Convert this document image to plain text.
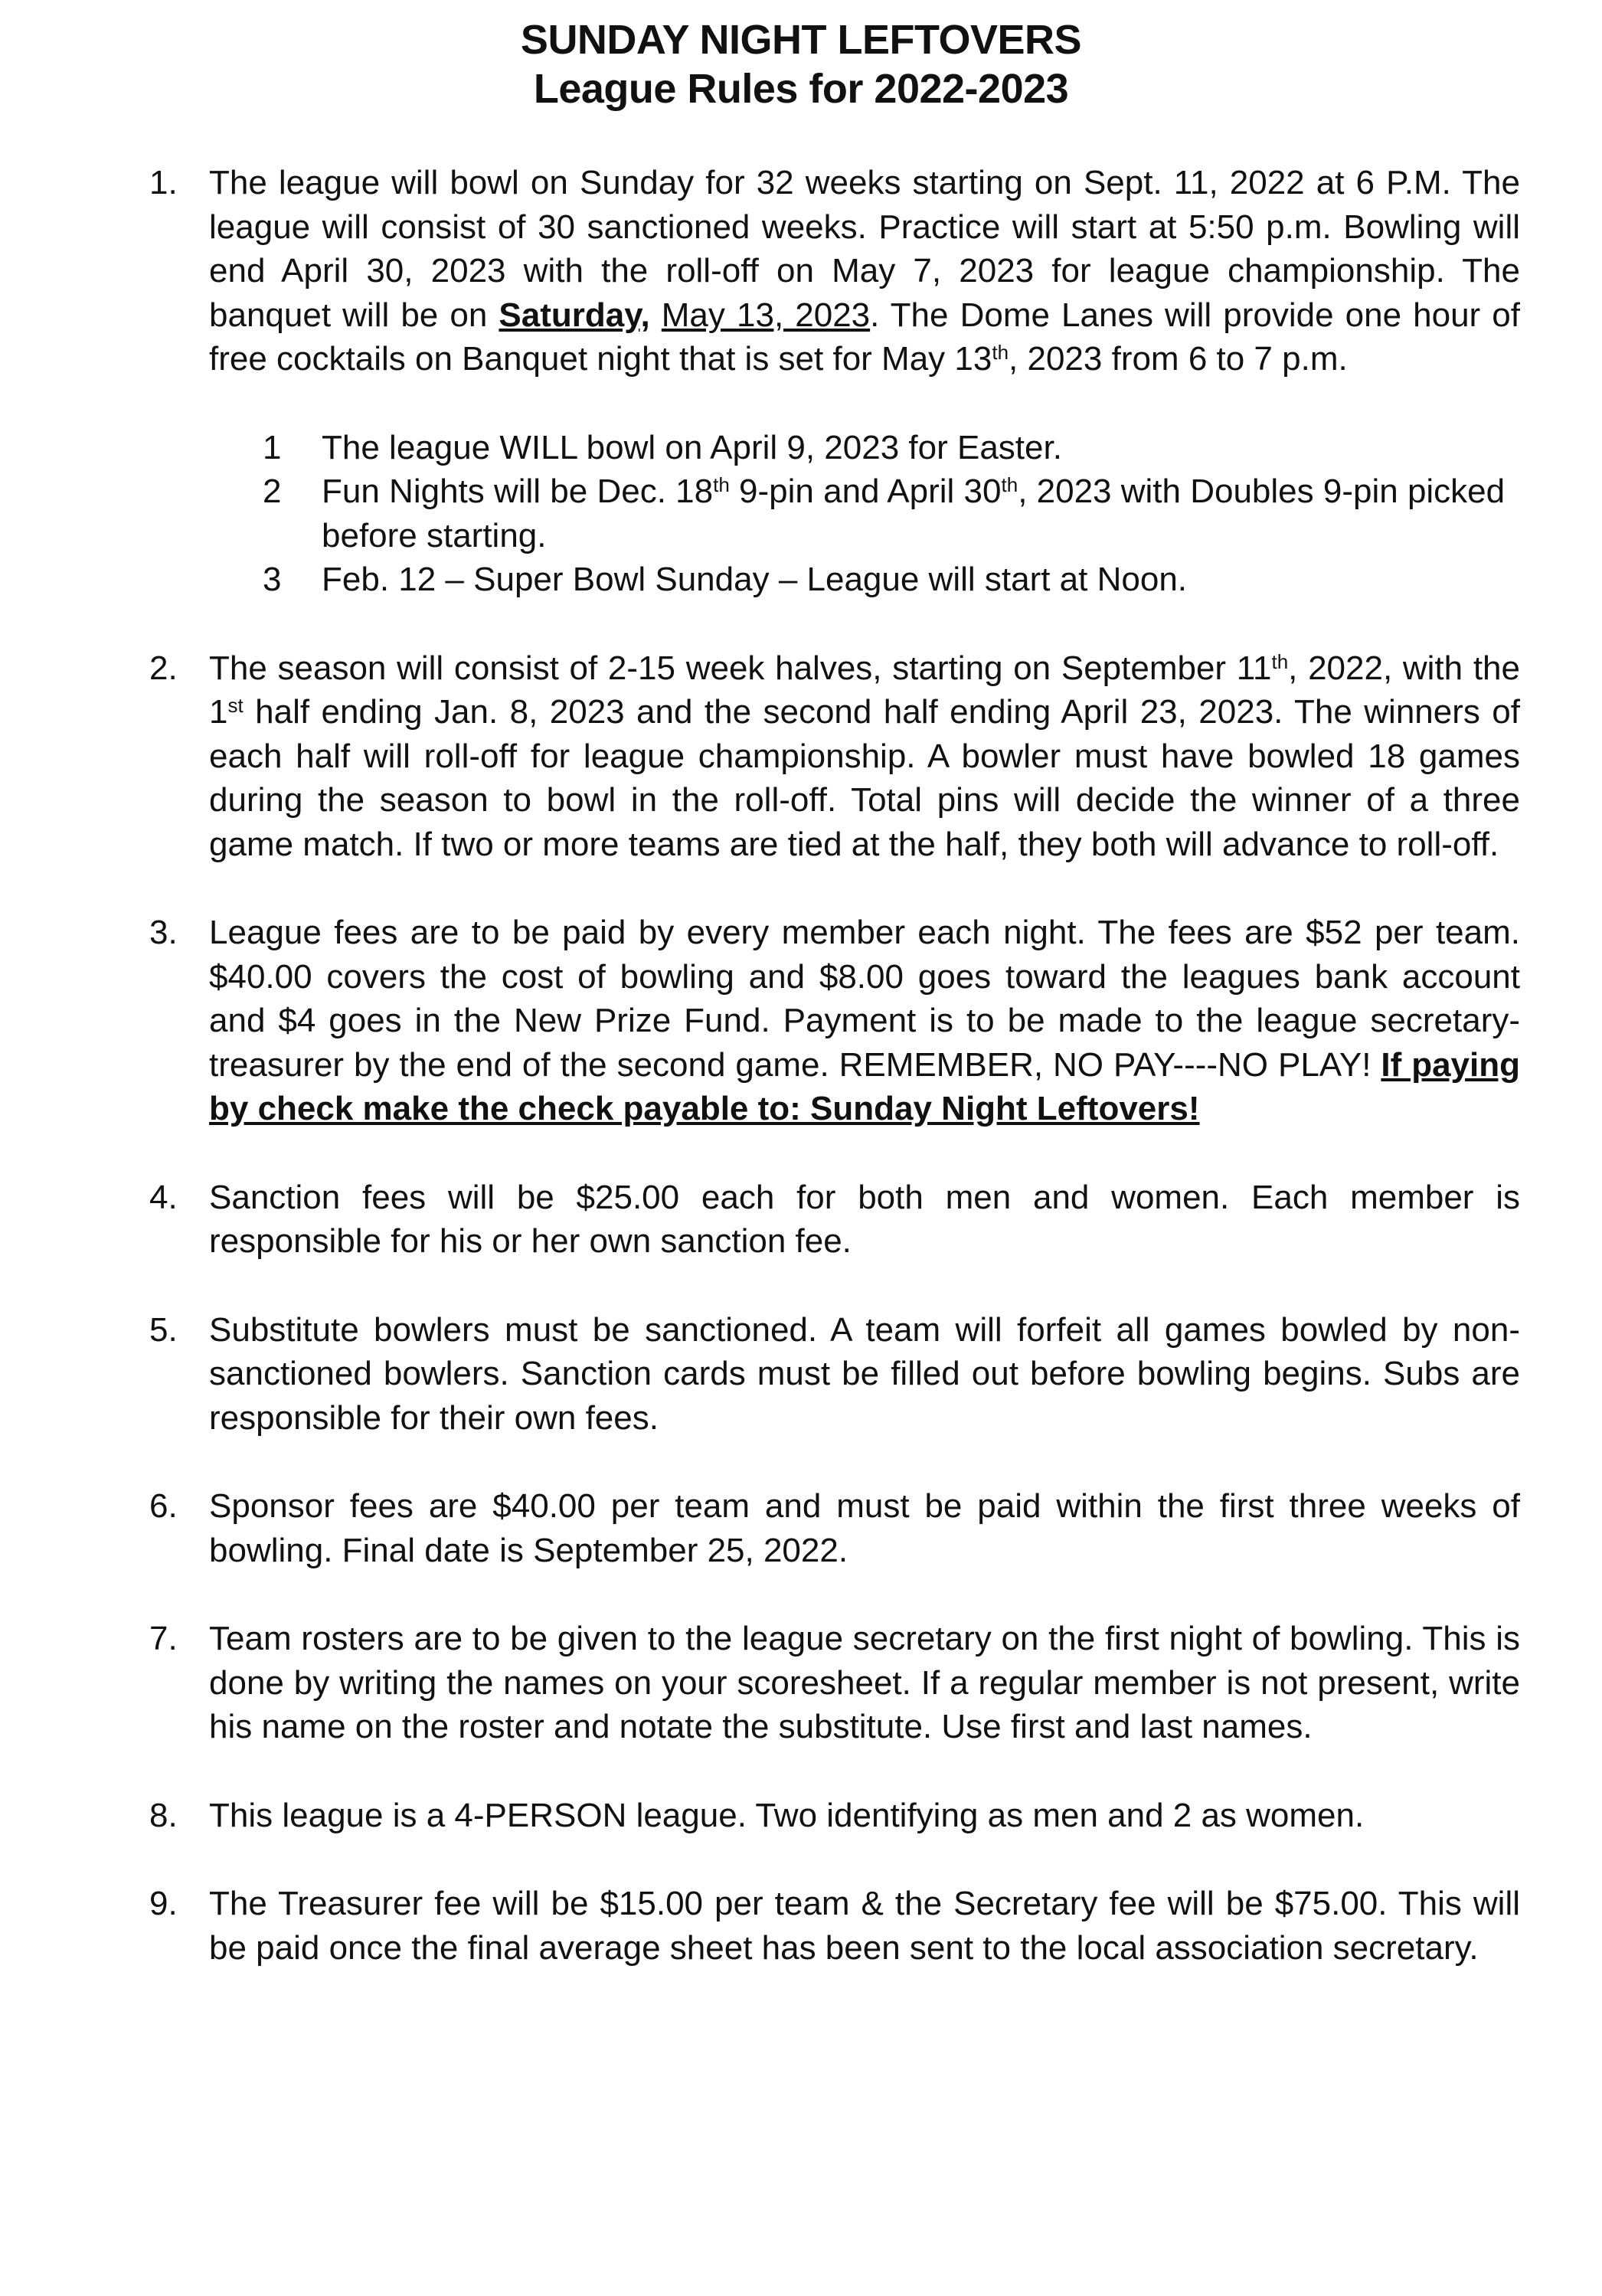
SUNDAY NIGHT LEFTOVERS
League Rules for 2022-2023
1. The league will bowl on Sunday for 32 weeks starting on Sept. 11, 2022 at 6 P.M. The league will consist of 30 sanctioned weeks. Practice will start at 5:50 p.m. Bowling will end April 30, 2023 with the roll-off on May 7, 2023 for league championship. The banquet will be on Saturday, May 13, 2023. The Dome Lanes will provide one hour of free cocktails on Banquet night that is set for May 13th, 2023 from 6 to 7 p.m.
1 The league WILL bowl on April 9, 2023 for Easter.
2 Fun Nights will be Dec. 18th 9-pin and April 30th, 2023 with Doubles 9-pin picked before starting.
3 Feb. 12 – Super Bowl Sunday – League will start at Noon.
2. The season will consist of 2-15 week halves, starting on September 11th, 2022, with the 1st half ending Jan. 8, 2023 and the second half ending April 23, 2023. The winners of each half will roll-off for league championship. A bowler must have bowled 18 games during the season to bowl in the roll-off. Total pins will decide the winner of a three game match. If two or more teams are tied at the half, they both will advance to roll-off.
3. League fees are to be paid by every member each night. The fees are $52 per team. $40.00 covers the cost of bowling and $8.00 goes toward the leagues bank account and $4 goes in the New Prize Fund. Payment is to be made to the league secretary-treasurer by the end of the second game. REMEMBER, NO PAY----NO PLAY! If paying by check make the check payable to: Sunday Night Leftovers!
4. Sanction fees will be $25.00 each for both men and women. Each member is responsible for his or her own sanction fee.
5. Substitute bowlers must be sanctioned. A team will forfeit all games bowled by non-sanctioned bowlers. Sanction cards must be filled out before bowling begins. Subs are responsible for their own fees.
6. Sponsor fees are $40.00 per team and must be paid within the first three weeks of bowling. Final date is September 25, 2022.
7. Team rosters are to be given to the league secretary on the first night of bowling. This is done by writing the names on your scoresheet. If a regular member is not present, write his name on the roster and notate the substitute. Use first and last names.
8. This league is a 4-PERSON league. Two identifying as men and 2 as women.
9. The Treasurer fee will be $15.00 per team & the Secretary fee will be $75.00. This will be paid once the final average sheet has been sent to the local association secretary.
